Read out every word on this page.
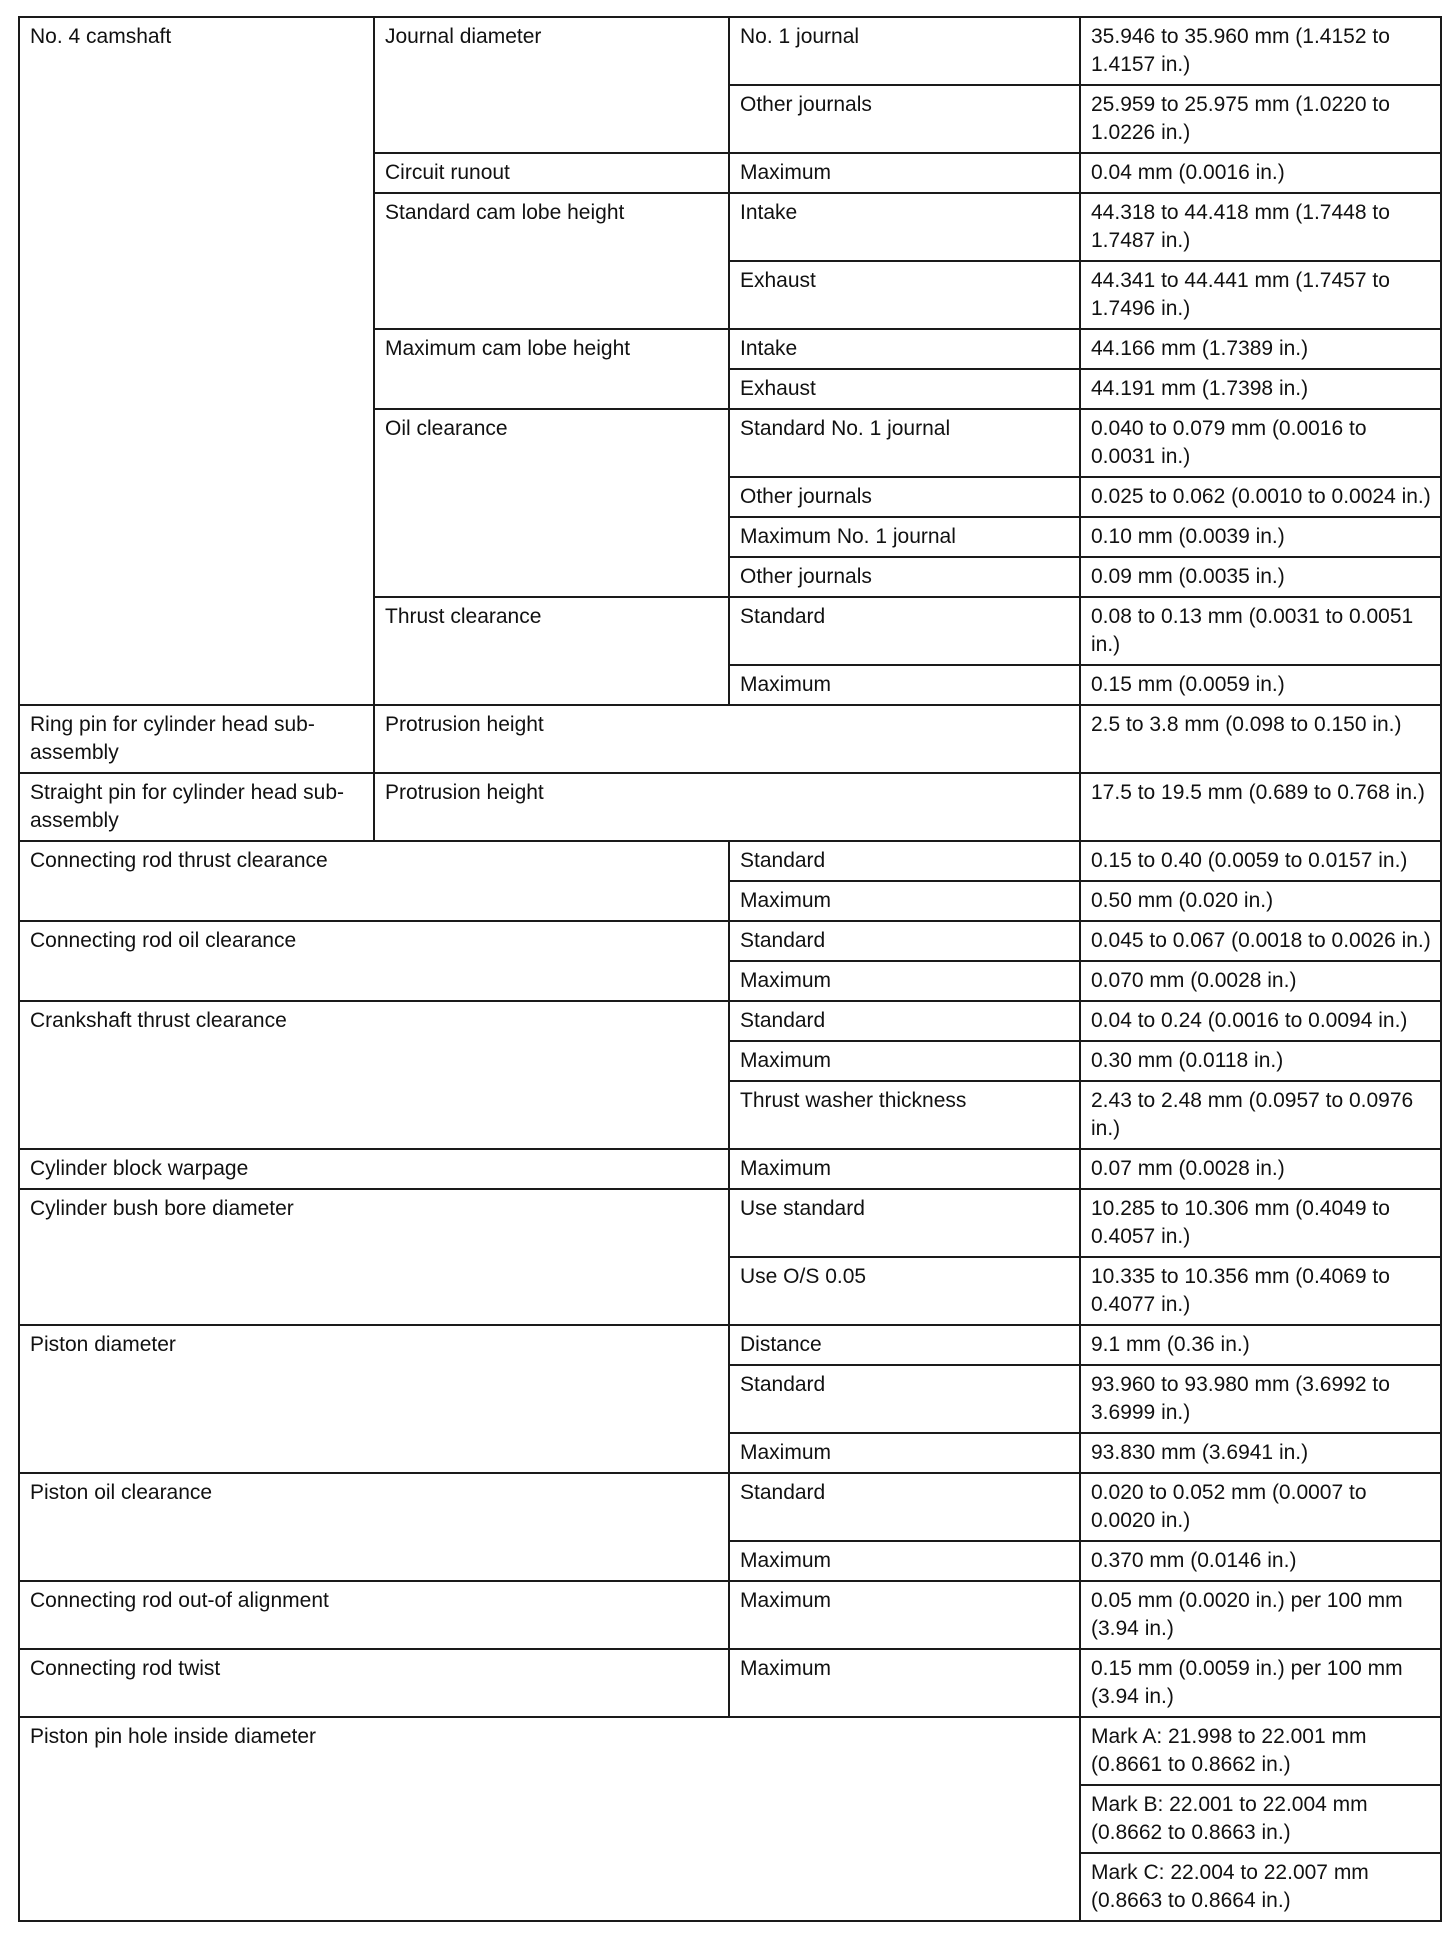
No. 4 camshaft	Journal diameter	No. 1 journal	35.946 to 35.960 mm (1.4152 to 1.4157 in.)
		Other journals	25.959 to 25.975 mm (1.0220 to 1.0226 in.)
	Circuit runout	Maximum	0.04 mm (0.0016 in.)
	Standard cam lobe height	Intake	44.318 to 44.418 mm (1.7448 to 1.7487 in.)
		Exhaust	44.341 to 44.441 mm (1.7457 to 1.7496 in.)
	Maximum cam lobe height	Intake	44.166 mm (1.7389 in.)
		Exhaust	44.191 mm (1.7398 in.)
	Oil clearance	Standard No. 1 journal	0.040 to 0.079 mm (0.0016 to 0.0031 in.)
		Other journals	0.025 to 0.062 (0.0010 to 0.0024 in.)
		Maximum No. 1 journal	0.10 mm (0.0039 in.)
		Other journals	0.09 mm (0.0035 in.)
	Thrust clearance	Standard	0.08 to 0.13 mm (0.0031 to 0.0051 in.)
		Maximum	0.15 mm (0.0059 in.)
Ring pin for cylinder head sub-assembly	Protrusion height		2.5 to 3.8 mm (0.098 to 0.150 in.)
Straight pin for cylinder head sub-assembly	Protrusion height		17.5 to 19.5 mm (0.689 to 0.768 in.)
Connecting rod thrust clearance		Standard	0.15 to 0.40 (0.0059 to 0.0157 in.)
		Maximum	0.50 mm (0.020 in.)
Connecting rod oil clearance		Standard	0.045 to 0.067 (0.0018 to 0.0026 in.)
		Maximum	0.070 mm (0.0028 in.)
Crankshaft thrust clearance		Standard	0.04 to 0.24 (0.0016 to 0.0094 in.)
		Maximum	0.30 mm (0.0118 in.)
		Thrust washer thickness	2.43 to 2.48 mm (0.0957 to 0.0976 in.)
Cylinder block warpage		Maximum	0.07 mm (0.0028 in.)
Cylinder bush bore diameter		Use standard	10.285 to 10.306 mm (0.4049 to 0.4057 in.)
		Use O/S 0.05	10.335 to 10.356 mm (0.4069 to 0.4077 in.)
Piston diameter		Distance	9.1 mm (0.36 in.)
		Standard	93.960 to 93.980 mm (3.6992 to 3.6999 in.)
		Maximum	93.830 mm (3.6941 in.)
Piston oil clearance		Standard	0.020 to 0.052 mm (0.0007 to 0.0020 in.)
		Maximum	0.370 mm (0.0146 in.)
Connecting rod out-of alignment		Maximum	0.05 mm (0.0020 in.) per 100 mm (3.94 in.)
Connecting rod twist		Maximum	0.15 mm (0.0059 in.) per 100 mm (3.94 in.)
Piston pin hole inside diameter			Mark A: 21.998 to 22.001 mm (0.8661 to 0.8662 in.)
			Mark B: 22.001 to 22.004 mm (0.8662 to 0.8663 in.)
			Mark C: 22.004 to 22.007 mm (0.8663 to 0.8664 in.)
